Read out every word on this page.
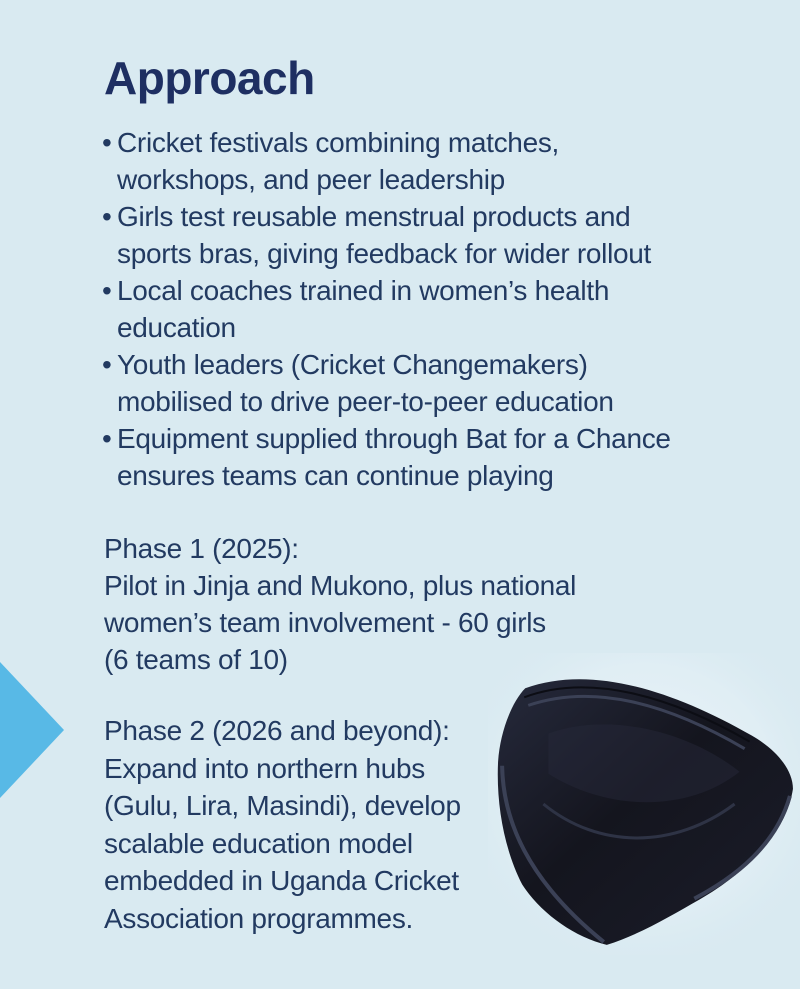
Approach
• Cricket festivals combining matches,
workshops, and peer leadership
• Girls test reusable menstrual products and
sports bras, giving feedback for wider rollout
• Local coaches trained in women’s health
education
• Youth leaders (Cricket Changemakers)
mobilised to drive peer-to-peer education
• Equipment supplied through Bat for a Chance
ensures teams can continue playing
Phase 1 (2025):
Pilot in Jinja and Mukono, plus national
women’s team involvement - 60 girls
(6 teams of 10)
Phase 2 (2026 and beyond):
Expand into northern hubs
(Gulu, Lira, Masindi), develop
scalable education model
embedded in Uganda Cricket
Association programmes.
